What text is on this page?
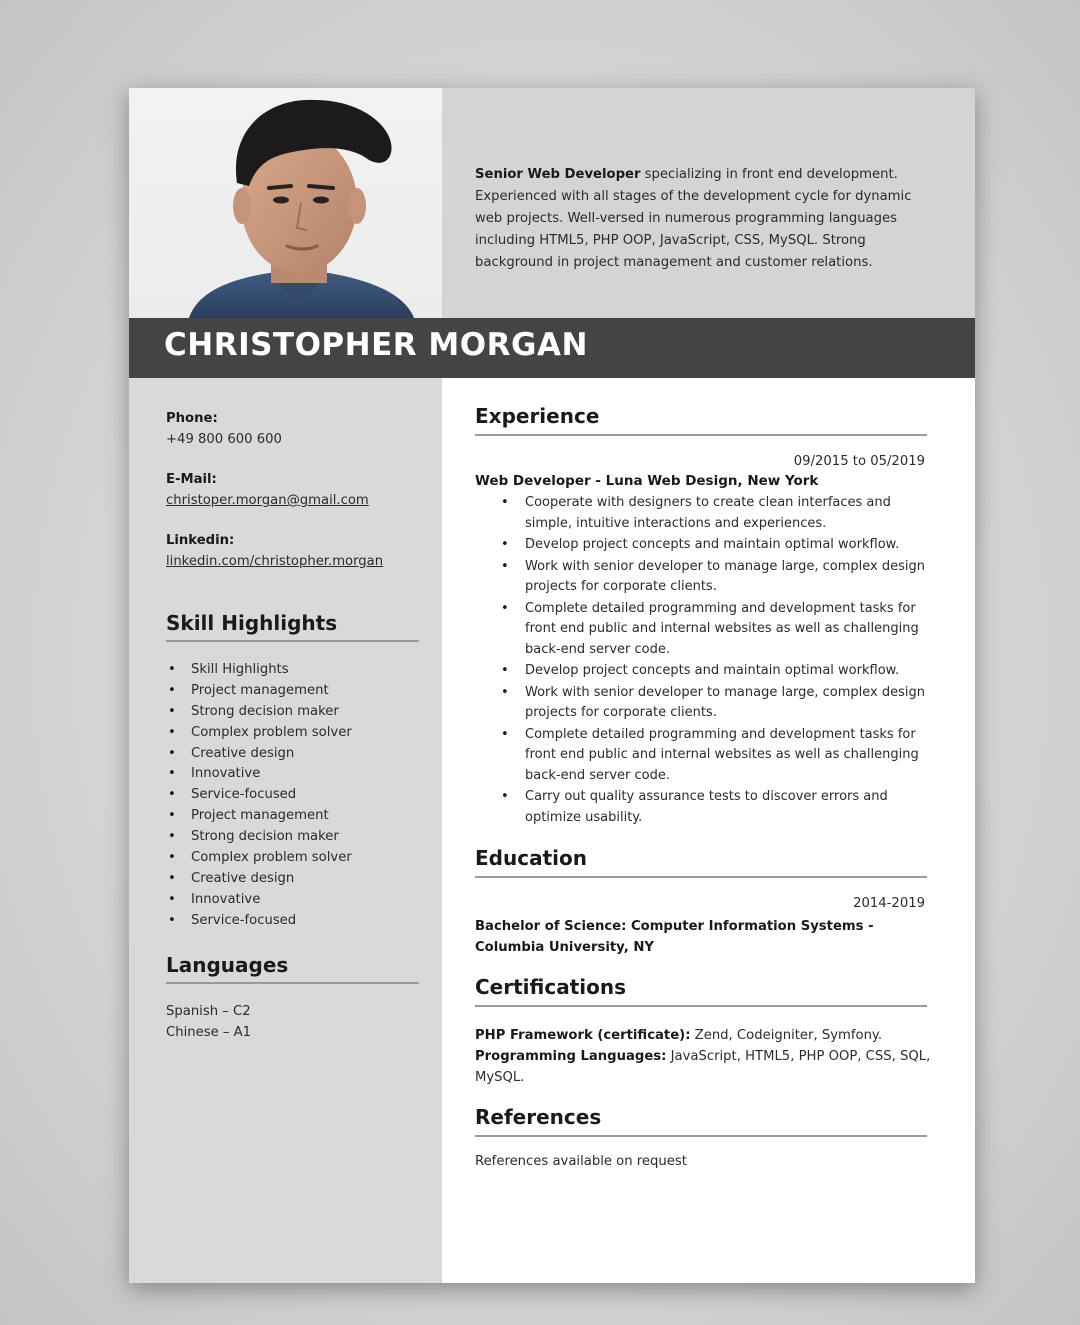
Senior Web Developer specializing in front end development. Experienced with all stages of the development cycle for dynamic web projects. Well-versed in numerous programming languages including HTML5, PHP OOP, JavaScript, CSS, MySQL. Strong background in project management and customer relations.
CHRISTOPHER MORGAN
Phone:
+49 800 600 600
E-Mail:
christoper.morgan@gmail.com
Linkedin:
linkedin.com/christopher.morgan
Skill Highlights
• Skill Highlights
• Project management
• Strong decision maker
• Complex problem solver
• Creative design
• Innovative
• Service-focused
• Project management
• Strong decision maker
• Complex problem solver
• Creative design
• Innovative
• Service-focused
Languages
Spanish – C2
Chinese – A1
Experience
09/2015 to 05/2019
Web Developer - Luna Web Design, New York
• Cooperate with designers to create clean interfaces and simple, intuitive interactions and experiences.
• Develop project concepts and maintain optimal workflow.
• Work with senior developer to manage large, complex design projects for corporate clients.
• Complete detailed programming and development tasks for front end public and internal websites as well as challenging back-end server code.
• Develop project concepts and maintain optimal workflow.
• Work with senior developer to manage large, complex design projects for corporate clients.
• Complete detailed programming and development tasks for front end public and internal websites as well as challenging back-end server code.
• Carry out quality assurance tests to discover errors and optimize usability.
Education
2014-2019
Bachelor of Science: Computer Information Systems - Columbia University, NY
Certifications
PHP Framework (certificate): Zend, Codeigniter, Symfony.
Programming Languages: JavaScript, HTML5, PHP OOP, CSS, SQL, MySQL.
References
References available on request
